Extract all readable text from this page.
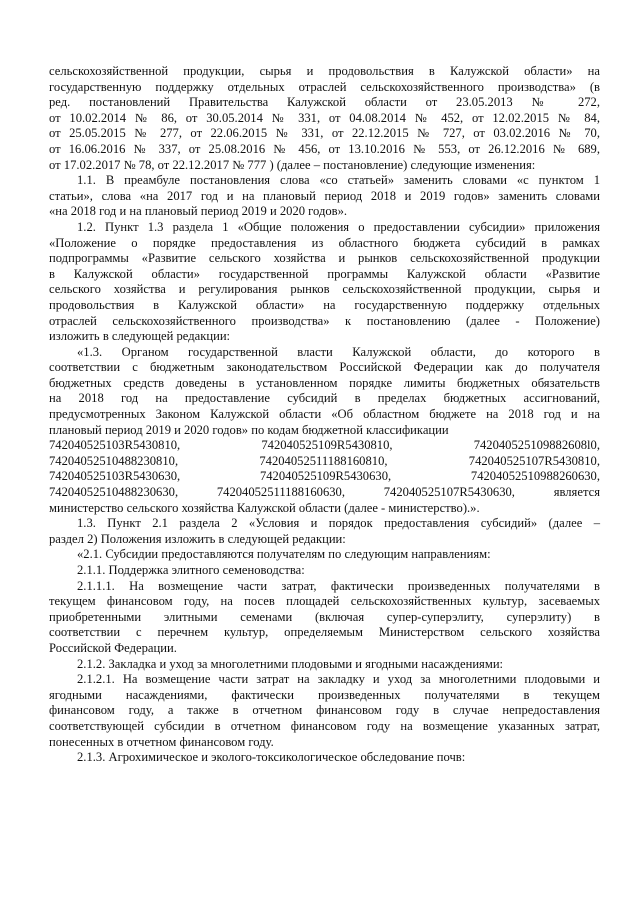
сельскохозяйственной продукции, сырья и продовольствия в Калужской области» на
государственную поддержку отдельных отраслей сельскохозяйственного производства» (в
ред. постановлений Правительства Калужской области от 23.05.2013 № 272,
от 10.02.2014 № 86, от 30.05.2014 № 331, от 04.08.2014 № 452, от 12.02.2015 № 84,
от 25.05.2015 № 277, от 22.06.2015 № 331, от 22.12.2015 № 727, от 03.02.2016 № 70,
от 16.06.2016 № 337, от 25.08.2016 № 456, от 13.10.2016 № 553, от 26.12.2016 № 689,
от 17.02.2017 № 78, от 22.12.2017 № 777 ) (далее – постановление) следующие изменения:
1.1. В преамбуле постановления слова «со статьей» заменить словами «с пунктом 1
статьи», слова «на 2017 год и на плановый период 2018 и 2019 годов» заменить словами
«на 2018 год и на плановый период 2019 и 2020 годов».
1.2. Пункт 1.3 раздела 1 «Общие положения о предоставлении субсидии» приложения
«Положение о порядке предоставления из областного бюджета субсидий в рамках
подпрограммы «Развитие сельского хозяйства и рынков сельскохозяйственной продукции
в Калужской области» государственной программы Калужской области «Развитие
сельского хозяйства и регулирования рынков сельскохозяйственной продукции, сырья и
продовольствия в Калужской области» на государственную поддержку отдельных
отраслей сельскохозяйственного производства» к постановлению (далее - Положение)
изложить в следующей редакции:
«1.3. Органом государственной власти Калужской области, до которого в
соответствии с бюджетным законодательством Российской Федерации как до получателя
бюджетных средств доведены в установленном порядке лимиты бюджетных обязательств
на 2018 год на предоставление субсидий в пределах бюджетных ассигнований,
предусмотренных Законом Калужской области «Об областном бюджете на 2018 год и на
плановый период 2019 и 2020 годов» по кодам бюджетной классификации
742040525103R5430810,	742040525109R5430810,	742040525109882608l0,
74204052510488230810,	74204052511188160810,	742040525107R5430810,
742040525103R5430630,	742040525109R5430630,	74204052510988260630,
74204052510488230630,	74204052511188160630,	742040525107R5430630,	является
министерство сельского хозяйства Калужской области (далее - министерство).».
1.3. Пункт 2.1 раздела 2 «Условия и порядок предоставления субсидий» (далее –
раздел 2) Положения изложить в следующей редакции:
«2.1. Субсидии предоставляются получателям по следующим направлениям:
2.1.1. Поддержка элитного семеноводства:
2.1.1.1. На возмещение части затрат, фактически произведенных получателями в
текущем финансовом году, на посев площадей сельскохозяйственных культур, засеваемых
приобретенными элитными семенами (включая супер-суперэлиту, суперэлиту) в
соответствии с перечнем культур, определяемым Министерством сельского хозяйства
Российской Федерации.
2.1.2. Закладка и уход за многолетними плодовыми и ягодными насаждениями:
2.1.2.1. На возмещение части затрат на закладку и уход за многолетними плодовыми и
ягодными насаждениями, фактически произведенных получателями в текущем
финансовом году, а также в отчетном финансовом году в случае непредоставления
соответствующей субсидии в отчетном финансовом году на возмещение указанных затрат,
понесенных в отчетном финансовом году.
2.1.3. Агрохимическое и эколого-токсикологическое обследование почв:
